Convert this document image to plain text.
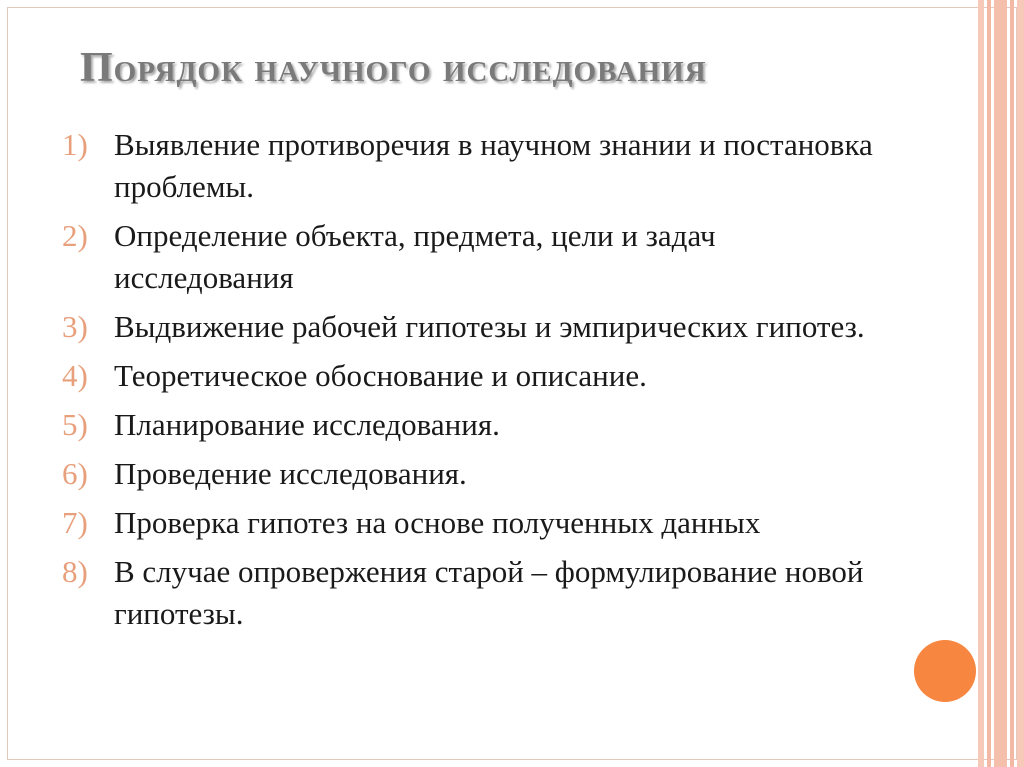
Порядок научного исследования
1) Выявление противоречия в научном знании и постановка проблемы.
2) Определение объекта, предмета, цели и задач исследования
3) Выдвижение рабочей гипотезы и эмпирических гипотез.
4) Теоретическое обоснование и описание.
5) Планирование исследования.
6) Проведение исследования.
7) Проверка гипотез на основе полученных данных
8) В случае опровержения старой – формулирование новой гипотезы.
